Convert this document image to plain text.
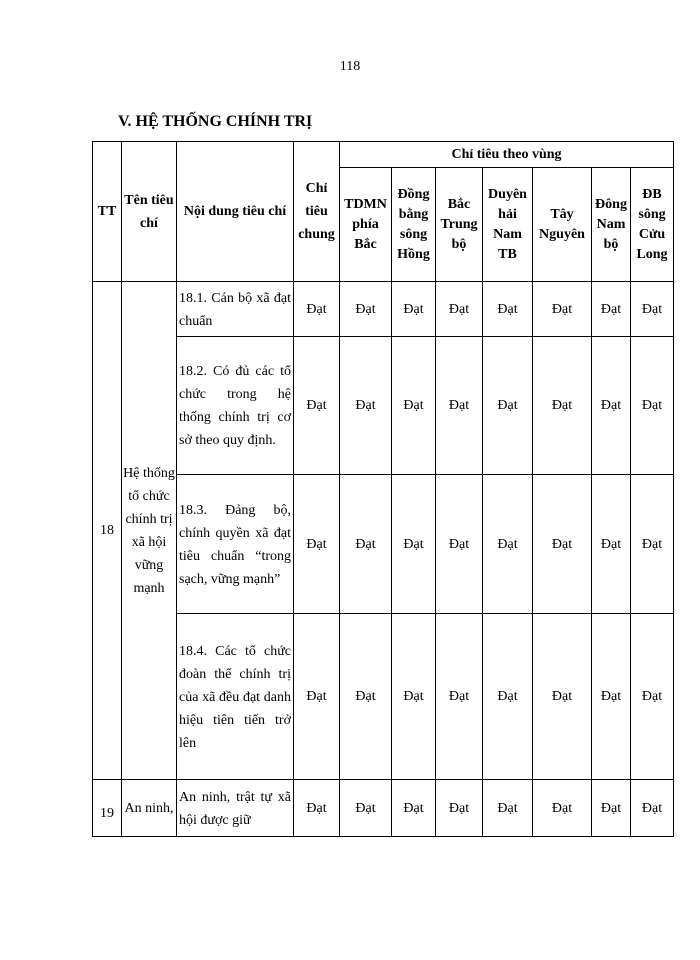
118
V. HỆ THỐNG CHÍNH TRỊ
TT	Tên tiêu chí	Nội dung tiêu chí	Chỉ tiêu chung	Chỉ tiêu theo vùng						
				TDMN phía Bắc	Đồng bằng sông Hồng	Bắc Trung bộ	Duyên hải Nam TB	Tây Nguyên	Đông Nam bộ	ĐB sông Cửu Long
18	Hệ thống tổ chức chính trị xã hội vững mạnh	18.1. Cán bộ xã đạt chuẩn	Đạt	Đạt	Đạt	Đạt	Đạt	Đạt	Đạt	Đạt

		18.2. Có đủ các tổ chức trong hệ thống chính trị cơ sở theo quy định.	Đạt	Đạt	Đạt	Đạt	Đạt	Đạt	Đạt	Đạt

		18.3. Đảng bộ, chính quyền xã đạt tiêu chuẩn “trong sạch, vững mạnh”	Đạt	Đạt	Đạt	Đạt	Đạt	Đạt	Đạt	Đạt

		18.4. Các tổ chức đoàn thể chính trị của xã đều đạt danh hiệu tiên tiến trở lên	Đạt	Đạt	Đạt	Đạt	Đạt	Đạt	Đạt	Đạt
19	An ninh,	An ninh, trật tự xã hội được giữ	Đạt	Đạt	Đạt	Đạt	Đạt	Đạt	Đạt	Đạt
